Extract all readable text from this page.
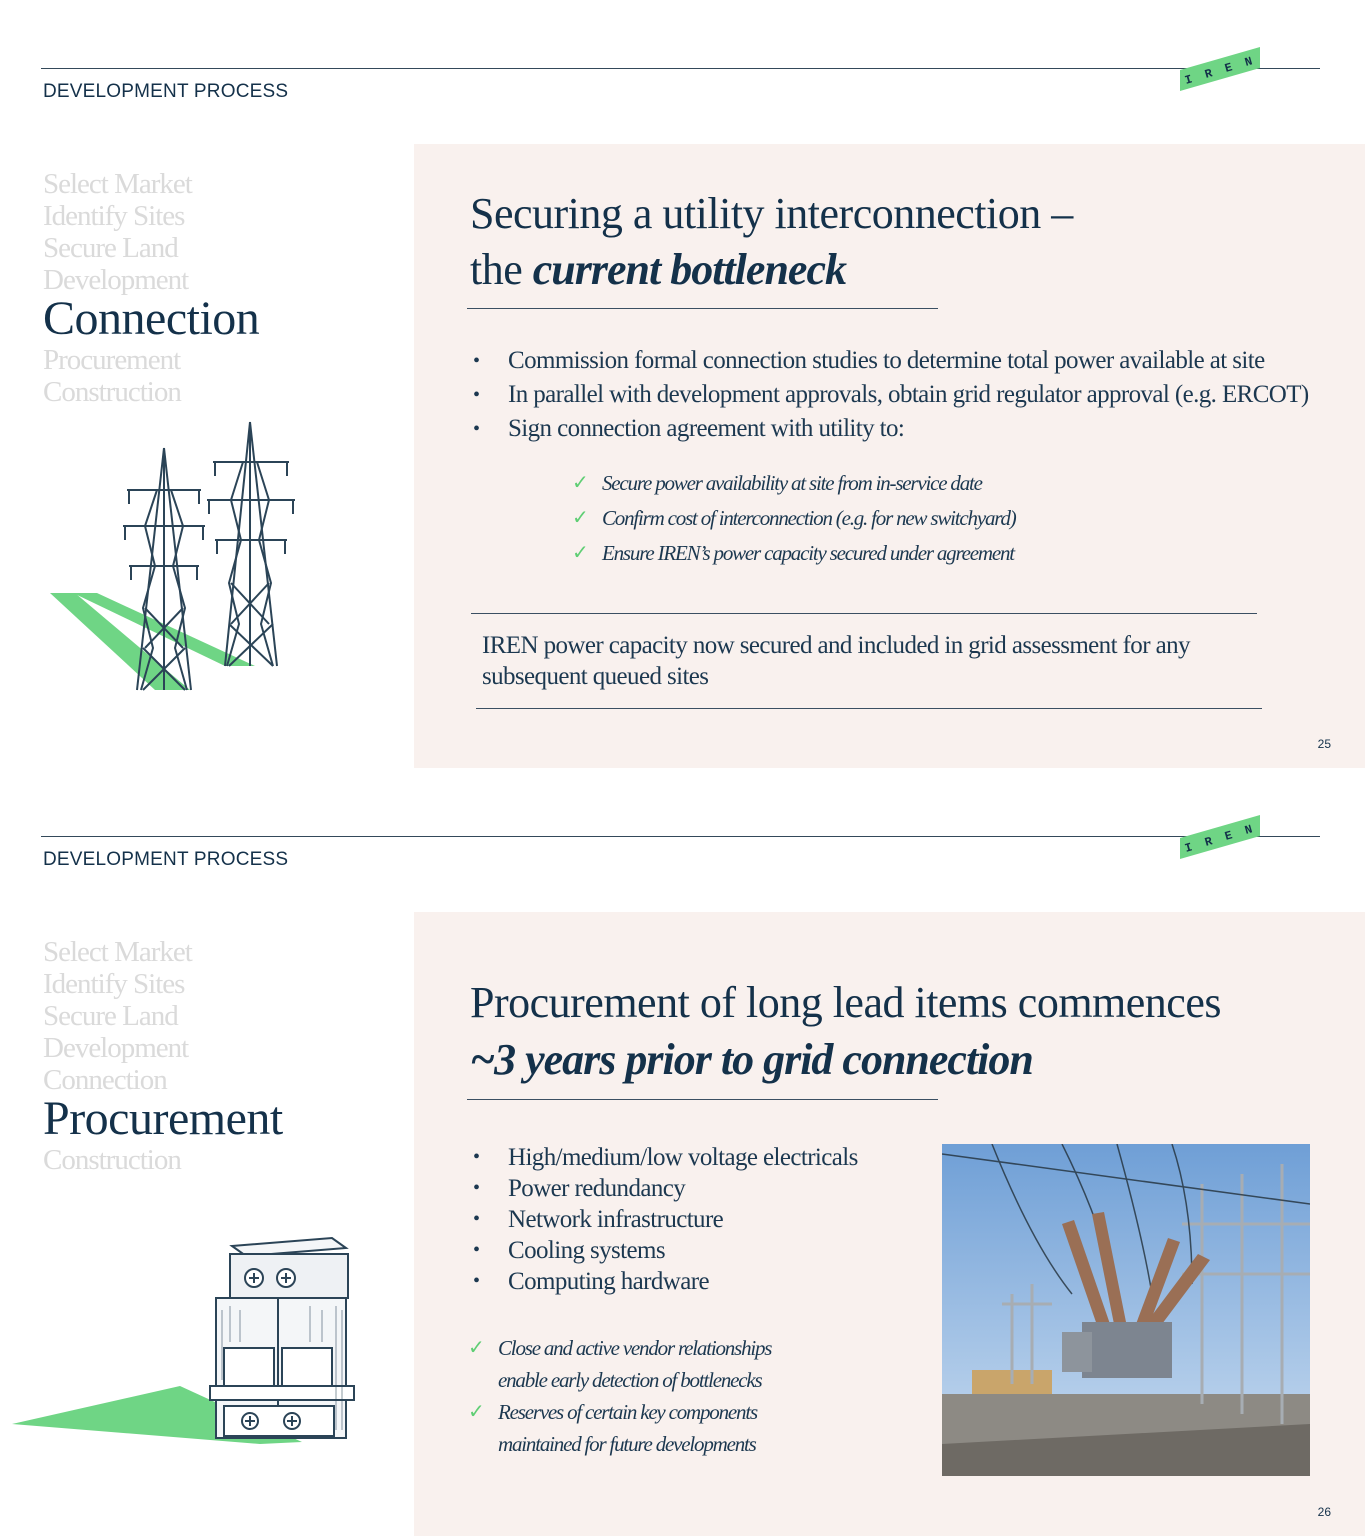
DEVELOPMENT PROCESS
I R E N
Select Market
Identify Sites
Secure Land
Development
Connection
Procurement
Construction
Securing a utility interconnection –
the current bottleneck
• Commission formal connection studies to determine total power available at site
• In parallel with development approvals, obtain grid regulator approval (e.g. ERCOT)
• Sign connection agreement with utility to:
✓ Secure power availability at site from in-service date
✓ Confirm cost of interconnection (e.g. for new switchyard)
✓ Ensure IREN’s power capacity secured under agreement
IREN power capacity now secured and included in grid assessment for any subsequent queued sites
25
DEVELOPMENT PROCESS
I R E N
Select Market
Identify Sites
Secure Land
Development
Connection
Procurement
Construction
Procurement of long lead items commences
~3 years prior to grid connection
• High/medium/low voltage electricals
• Power redundancy
• Network infrastructure
• Cooling systems
• Computing hardware
✓ Close and active vendor relationships
enable early detection of bottlenecks
✓ Reserves of certain key components
maintained for future developments
26
